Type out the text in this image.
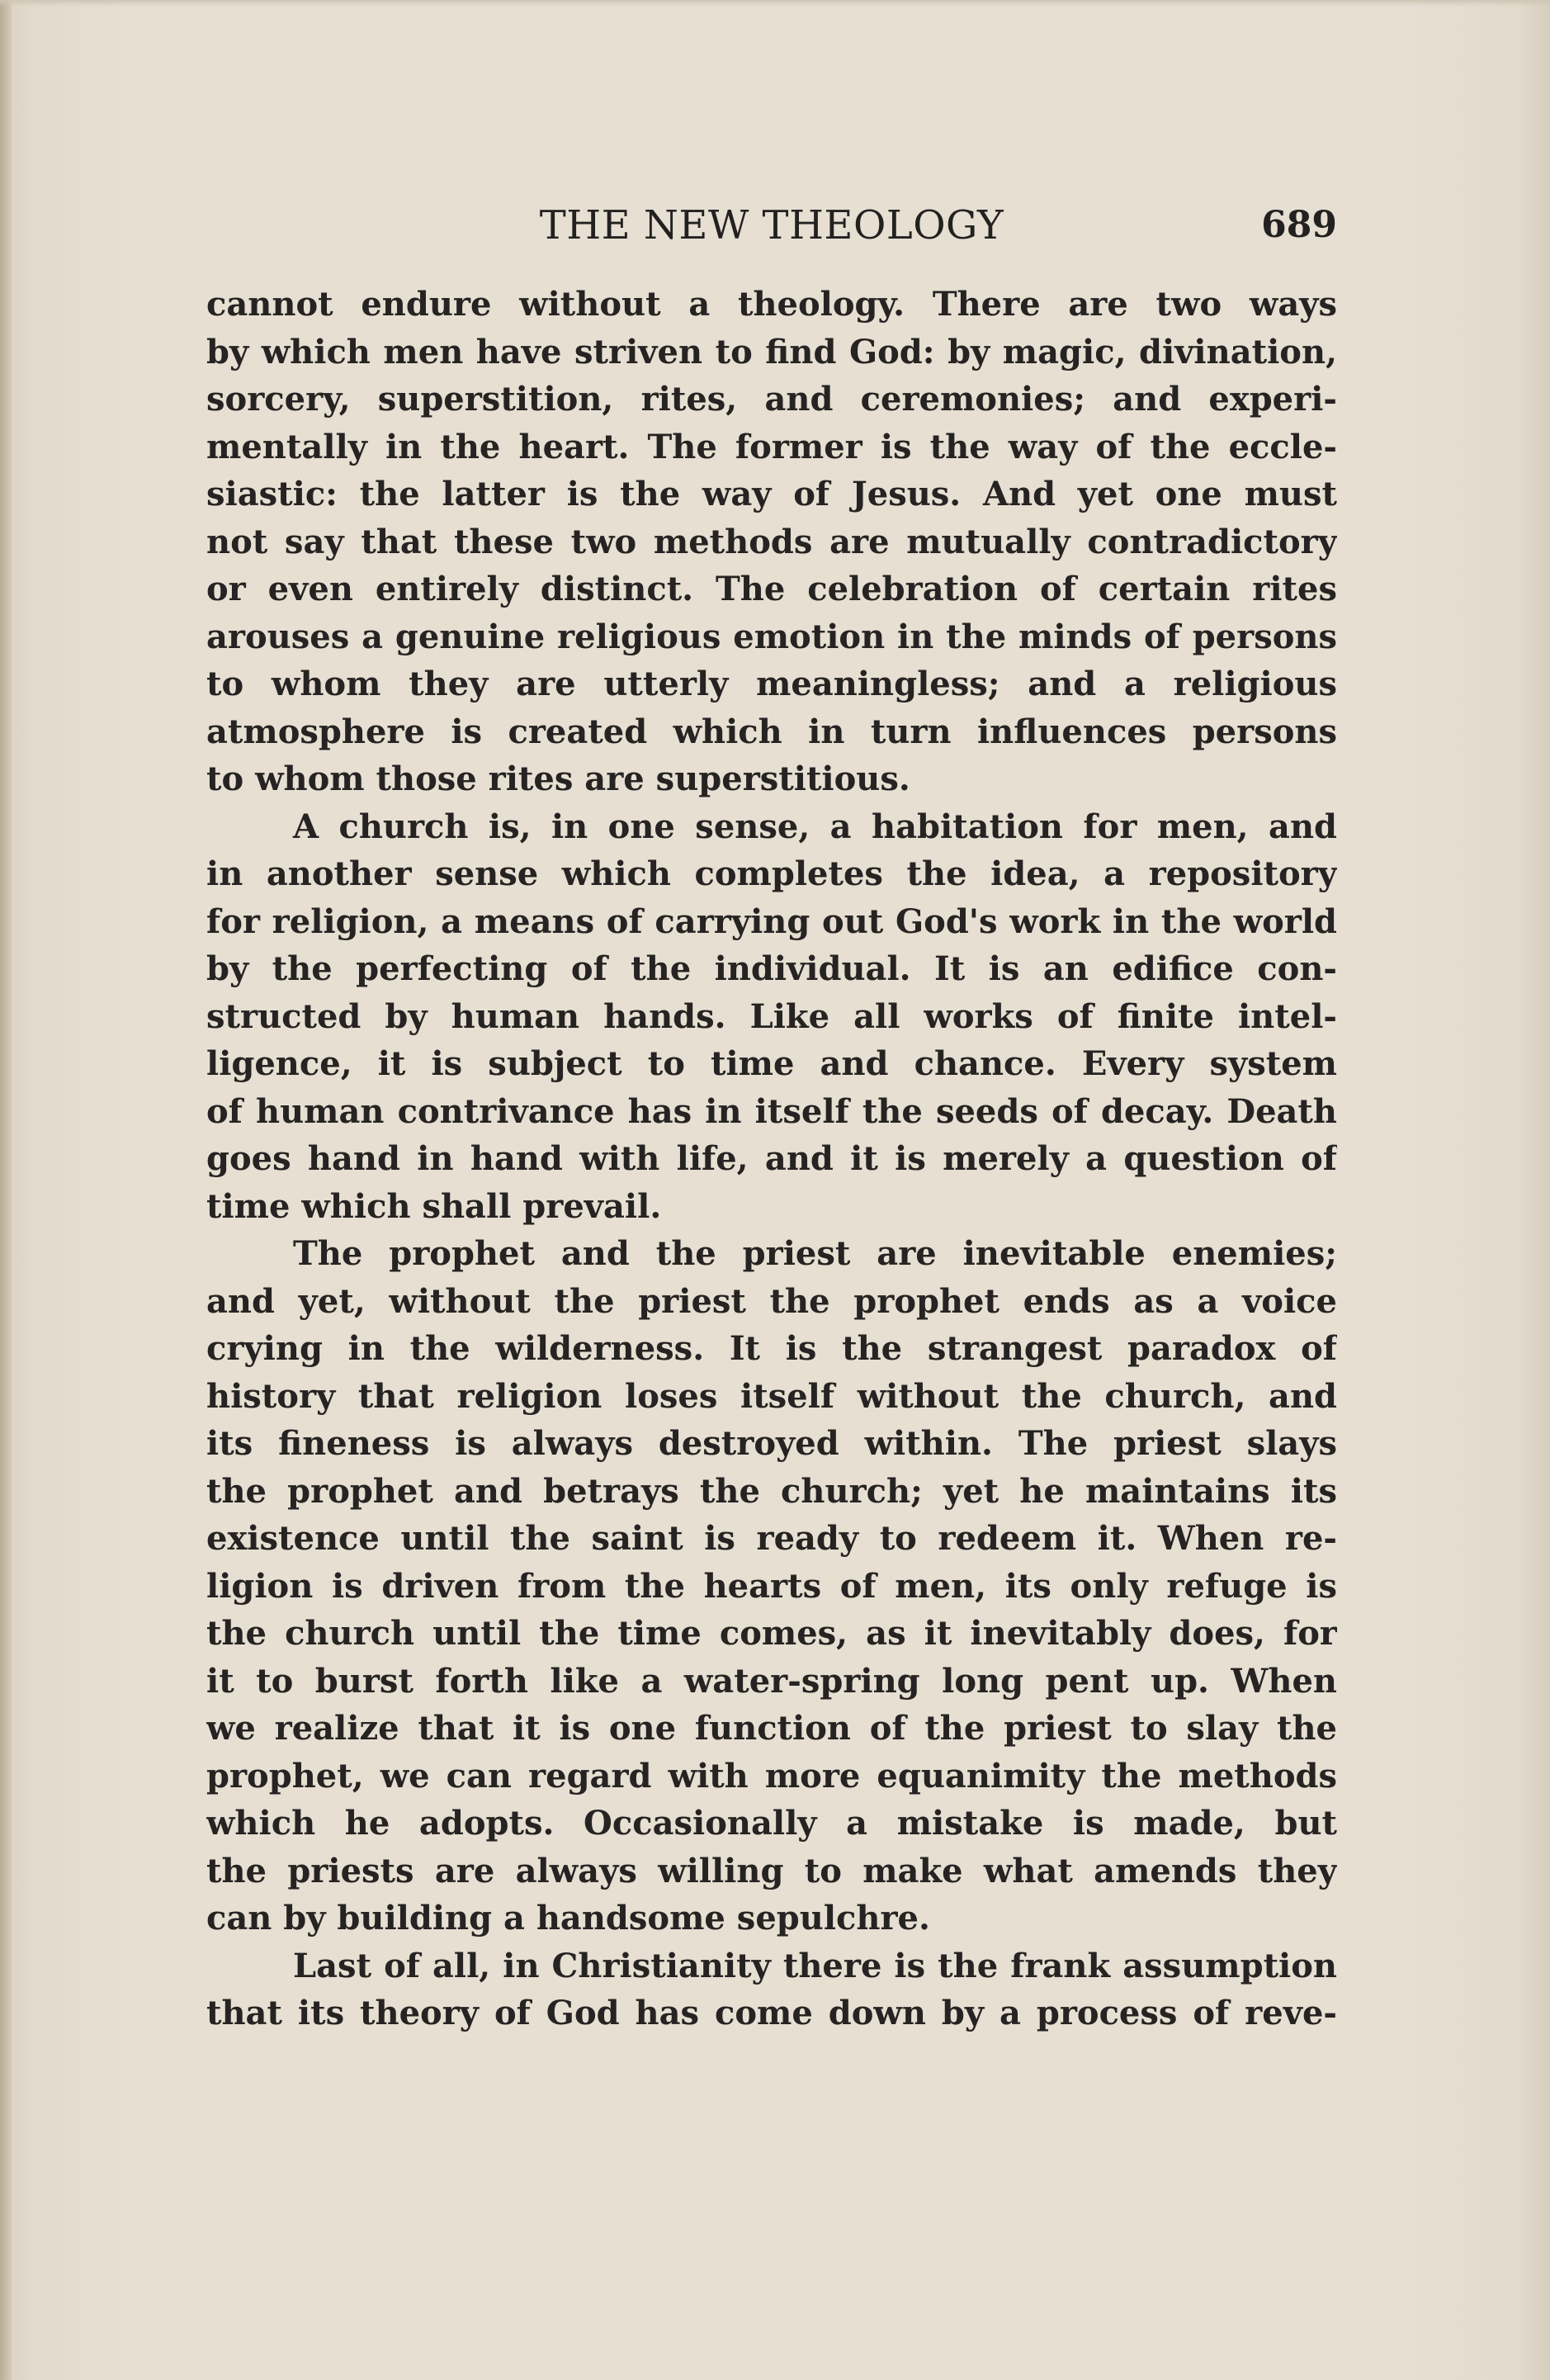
THE NEW THEOLOGY	689
cannot endure without a theology. There are two ways
by which men have striven to find God: by magic, divination,
sorcery, superstition, rites, and ceremonies; and experi-
mentally in the heart. The former is the way of the eccle-
siastic: the latter is the way of Jesus. And yet one must
not say that these two methods are mutually contradictory
or even entirely distinct. The celebration of certain rites
arouses a genuine religious emotion in the minds of persons
to whom they are utterly meaningless; and a religious
atmosphere is created which in turn influences persons
to whom those rites are superstitious.
A church is, in one sense, a habitation for men, and
in another sense which completes the idea, a repository
for religion, a means of carrying out God's work in the world
by the perfecting of the individual. It is an edifice con-
structed by human hands. Like all works of finite intel-
ligence, it is subject to time and chance. Every system
of human contrivance has in itself the seeds of decay. Death
goes hand in hand with life, and it is merely a question of
time which shall prevail.
The prophet and the priest are inevitable enemies;
and yet, without the priest the prophet ends as a voice
crying in the wilderness. It is the strangest paradox of
history that religion loses itself without the church, and
its fineness is always destroyed within. The priest slays
the prophet and betrays the church; yet he maintains its
existence until the saint is ready to redeem it. When re-
ligion is driven from the hearts of men, its only refuge is
the church until the time comes, as it inevitably does, for
it to burst forth like a water-spring long pent up. When
we realize that it is one function of the priest to slay the
prophet, we can regard with more equanimity the methods
which he adopts. Occasionally a mistake is made, but
the priests are always willing to make what amends they
can by building a handsome sepulchre.
Last of all, in Christianity there is the frank assumption
that its theory of God has come down by a process of reve-
